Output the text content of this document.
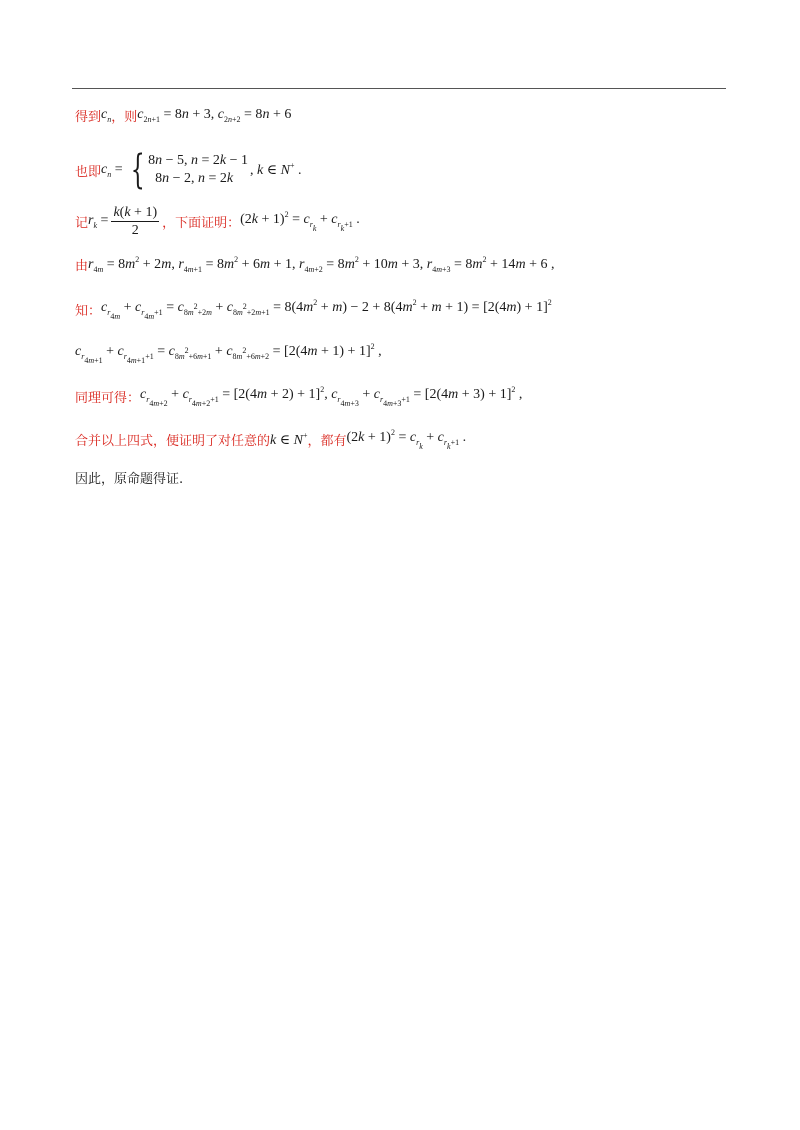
得到 $c_n$ ，则 $c_{2n+1} = 8n + 3$, $c_{2n+2} = 8n + 6$
也即 $c_n$ = { 8n − 5, n = 2k − 1
8n − 2, n = 2k
, k ∈ N+ .
记 $r_k = \frac{k(k + 1)}{2}$ ，下面证明： $(2k + 1)^2 = c_{r_k} + c_{r_k+1}$ .
由 $r_{4m} = 8m^2 + 2m$, $r_{4m+1} = 8m^2 + 6m + 1$, $r_{4m+2} = 8m^2 + 10m + 3$, $r_{4m+3} = 8m^2 + 14m + 6$ ,
知： $c_{r_{4m}} + c_{r_{4m}+1} = c_{8m^2+2m} + c_{8m^2+2m+1} = 8(4m^2 + m) - 2 + 8(4m^2 + m + 1) = [2(4m) + 1]^2$
$c_{r_{4m+1}} + c_{r_{4m+1}+1} = c_{8m^2+6m+1} + c_{8m^2+6m+2} = [2(4m + 1) + 1]^2$ ,
同理可得： $c_{r_{4m+2}} + c_{r_{4m+2}+1} = [2(4m + 2) + 1]^2$, $c_{r_{4m+3}} + c_{r_{4m+3}+1} = [2(4m + 3) + 1]^2$ ,
合并以上四式，便证明了对任意的 k ∈ N+ ，都有 $(2k + 1)^2 = c_{r_k} + c_{r_k+1}$ .
因此，原命题得证.
